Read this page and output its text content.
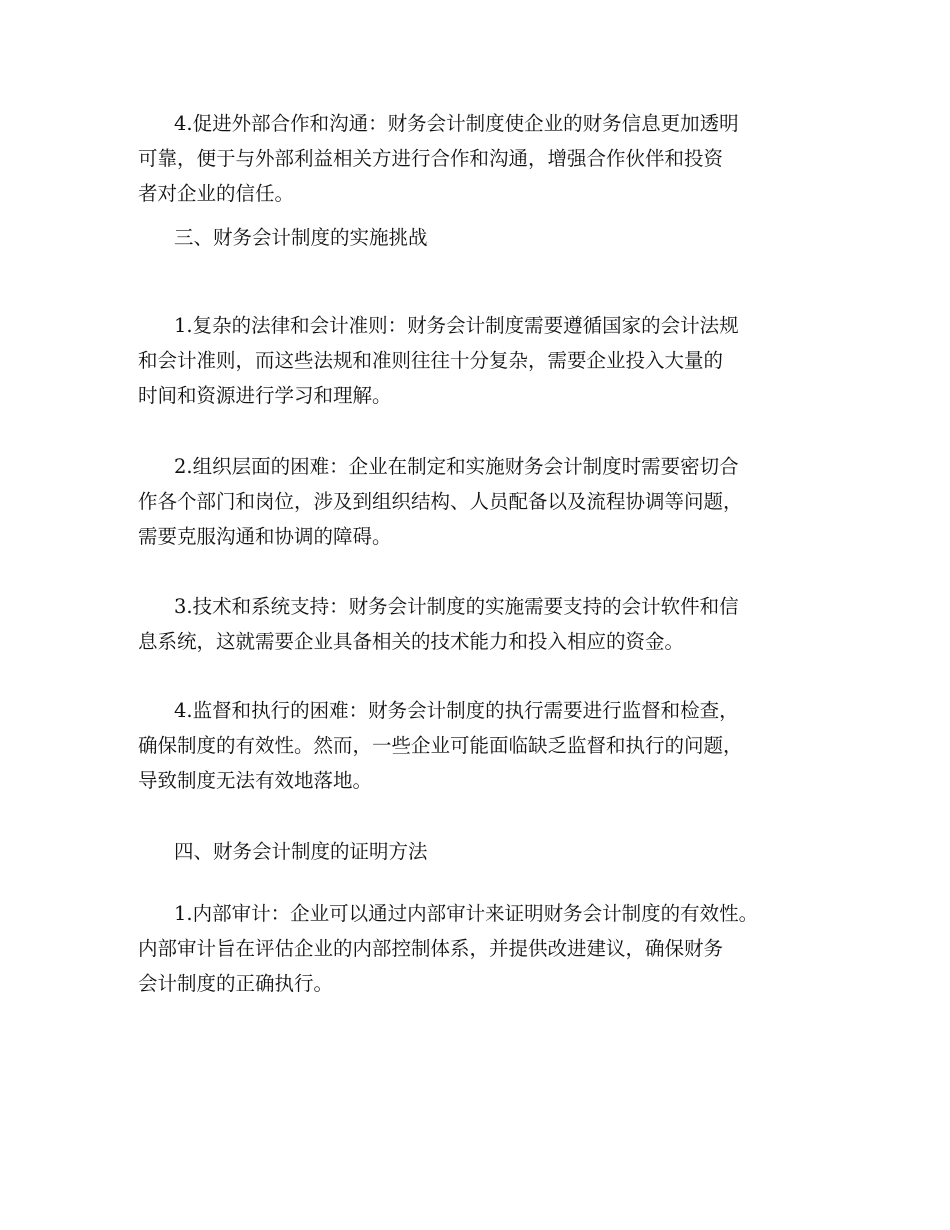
4.促进外部合作和沟通：财务会计制度使企业的财务信息更加透明
可靠，便于与外部利益相关方进行合作和沟通，增强合作伙伴和投资
者对企业的信任。
三、财务会计制度的实施挑战
1.复杂的法律和会计准则：财务会计制度需要遵循国家的会计法规
和会计准则，而这些法规和准则往往十分复杂，需要企业投入大量的
时间和资源进行学习和理解。
2.组织层面的困难：企业在制定和实施财务会计制度时需要密切合
作各个部门和岗位，涉及到组织结构、人员配备以及流程协调等问题，
需要克服沟通和协调的障碍。
3.技术和系统支持：财务会计制度的实施需要支持的会计软件和信
息系统，这就需要企业具备相关的技术能力和投入相应的资金。
4.监督和执行的困难：财务会计制度的执行需要进行监督和检查，
确保制度的有效性。然而，一些企业可能面临缺乏监督和执行的问题，
导致制度无法有效地落地。
四、财务会计制度的证明方法
1.内部审计：企业可以通过内部审计来证明财务会计制度的有效性。
内部审计旨在评估企业的内部控制体系，并提供改进建议，确保财务
会计制度的正确执行。
